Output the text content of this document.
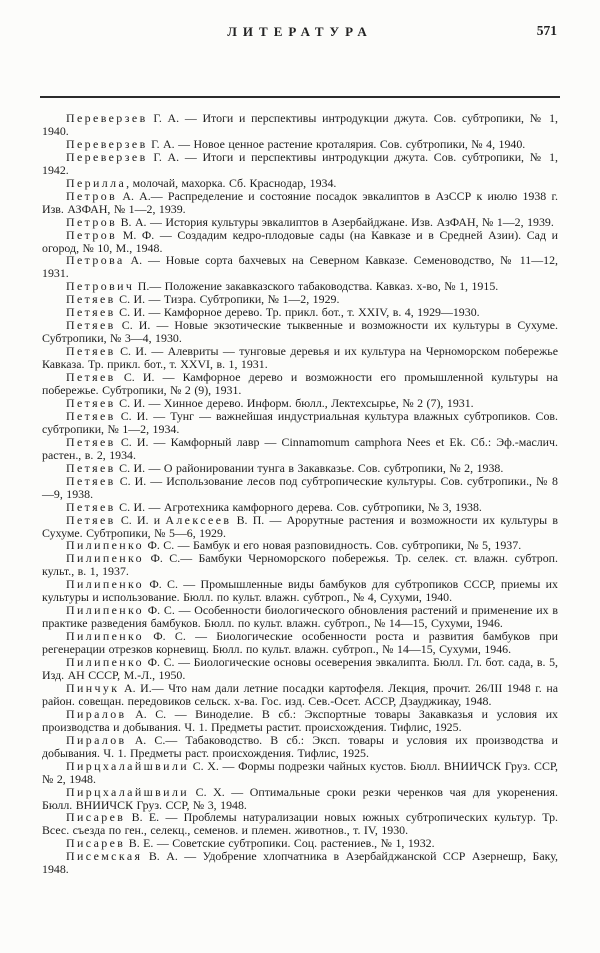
ЛИТЕРАТУРА	571

Переверзев Г. А. — Итоги и перспективы интродукции джута. Сов. субтропики, № 1, 1940.

Переверзев Г. А. — Новое ценное растение кроталярия. Сов. субтропики, № 4, 1940.

Переверзев Г. А. — Итоги и перспективы интродукции джута. Сов. субтропики, № 1, 1942.

Перилла, молочай, махорка. Сб. Краснодар, 1934.

Петров А. А.— Распределение и состояние посадок эвкалиптов в АзССР к июлю 1938 г. Изв. АЗФАН, № 1—2, 1939.

Петров В. А. — История культуры эвкалиптов в Азербайджане. Изв. АзФАН, № 1—2, 1939.

Петров М. Ф. — Создадим кедро-плодовые сады (на Кавказе и в Средней Азии). Сад и огород, № 10, М., 1948.

Петрова А. — Новые сорта бахчевых на Северном Кавказе. Семеноводство, № 11—12, 1931.

Петрович П.— Положение закавказского табаководства. Кавказ. х-во, № 1, 1915.

Петяев С. И. — Тизра. Субтропики, № 1—2, 1929.

Петяев С. И. — Камфорное дерево. Тр. прикл. бот., т. XXIV, в. 4, 1929—1930.

Петяев С. И. — Новые экзотические тыквенные и возможности их культуры в Сухуме. Субтропики, № 3—4, 1930.

Петяев С. И. — Алевриты — тунговые деревья и их культура на Черноморском побережье Кавказа. Тр. прикл. бот., т. XXVI, в. 1, 1931.

Петяев С. И. — Камфорное дерево и возможности его промышленной культуры на побережье. Субтропики, № 2 (9), 1931.

Петяев С. И. — Хинное дерево. Информ. бюлл., Лектехсырье, № 2 (7), 1931.

Петяев С. И. — Тунг — важнейшая индустриальная культура влажных субтропиков. Сов. субтропики, № 1—2, 1934.

Петяев С. И. — Камфорный лавр — Cinnamomum camphora Nees et Ek. Сб.: Эф.-маслич. растен., в. 2, 1934.

Петяев С. И. — О районировании тунга в Закавказье. Сов. субтропики, № 2, 1938.

Петяев С. И. — Использование лесов под субтропические культуры. Сов. субтропики., № 8—9, 1938.

Петяев С. И. — Агротехника камфорного дерева. Сов. субтропики, № 3, 1938.

Петяев С. И. и Алексеев В. П. — Арорутные растения и возможности их культуры в Сухуме. Субтропики, № 5—6, 1929.

Пилипенко Ф. С. — Бамбук и его новая разповидность. Сов. субтропики, № 5, 1937.

Пилипенко Ф. С.— Бамбуки Черноморского побережья. Тр. селек. ст. влажн. субтроп. культ., в. 1, 1937.

Пилипенко Ф. С. — Промышленные виды бамбуков для субтропиков СССР, приемы их культуры и использование. Бюлл. по культ. влажн. субтроп., № 4, Сухуми, 1940.

Пилипенко Ф. С. — Особенности биологического обновления растений и применение их в практике разведения бамбуков. Бюлл. по культ. влажн. субтроп., № 14—15, Сухуми, 1946.

Пилипенко Ф. С. — Биологические особенности роста и развития бамбуков при регенерации отрезков корневищ. Бюлл. по культ. влажн. субтроп., № 14—15, Сухуми, 1946.

Пилипенко Ф. С. — Биологические основы осеверения эвкалипта. Бюлл. Гл. бот. сада, в. 5, Изд. АН СССР, М.-Л., 1950.

Пинчук А. И.— Что нам дали летние посадки картофеля. Лекция, прочит. 26/III 1948 г. на район. совещан. передовиков сельск. х-ва. Гос. изд. Сев.-Осет. АССР, Дзауджикау, 1948.

Пиралов А. С. — Виноделие. В сб.: Экспортные товары Закавказья и условия их производства и добывания. Ч. 1. Предметы растит. происхождения. Тифлис, 1925.

Пиралов А. С.— Табаководство. В сб.: Эксп. товары и условия их производства и добывания. Ч. 1. Предметы раст. происхождения. Тифлис, 1925.

Пирцхалайшвили С. Х. — Формы подрезки чайных кустов. Бюлл. ВНИИЧСК Груз. ССР, № 2, 1948.

Пирцхалайшвили С. Х. — Оптимальные сроки резки черенков чая для укоренения. Бюлл. ВНИИЧСК Груз. ССР, № 3, 1948.

Писарев В. Е. — Проблемы натурализации новых южных субтропических культур. Тр. Всес. съезда по ген., селекц., семенов. и племен. животнов., т. IV, 1930.

Писарев В. Е. — Советские субтропики. Соц. растениев., № 1, 1932.

Писемская В. А. — Удобрение хлопчатника в Азербайджанской ССР Азернешр, Баку, 1948.
